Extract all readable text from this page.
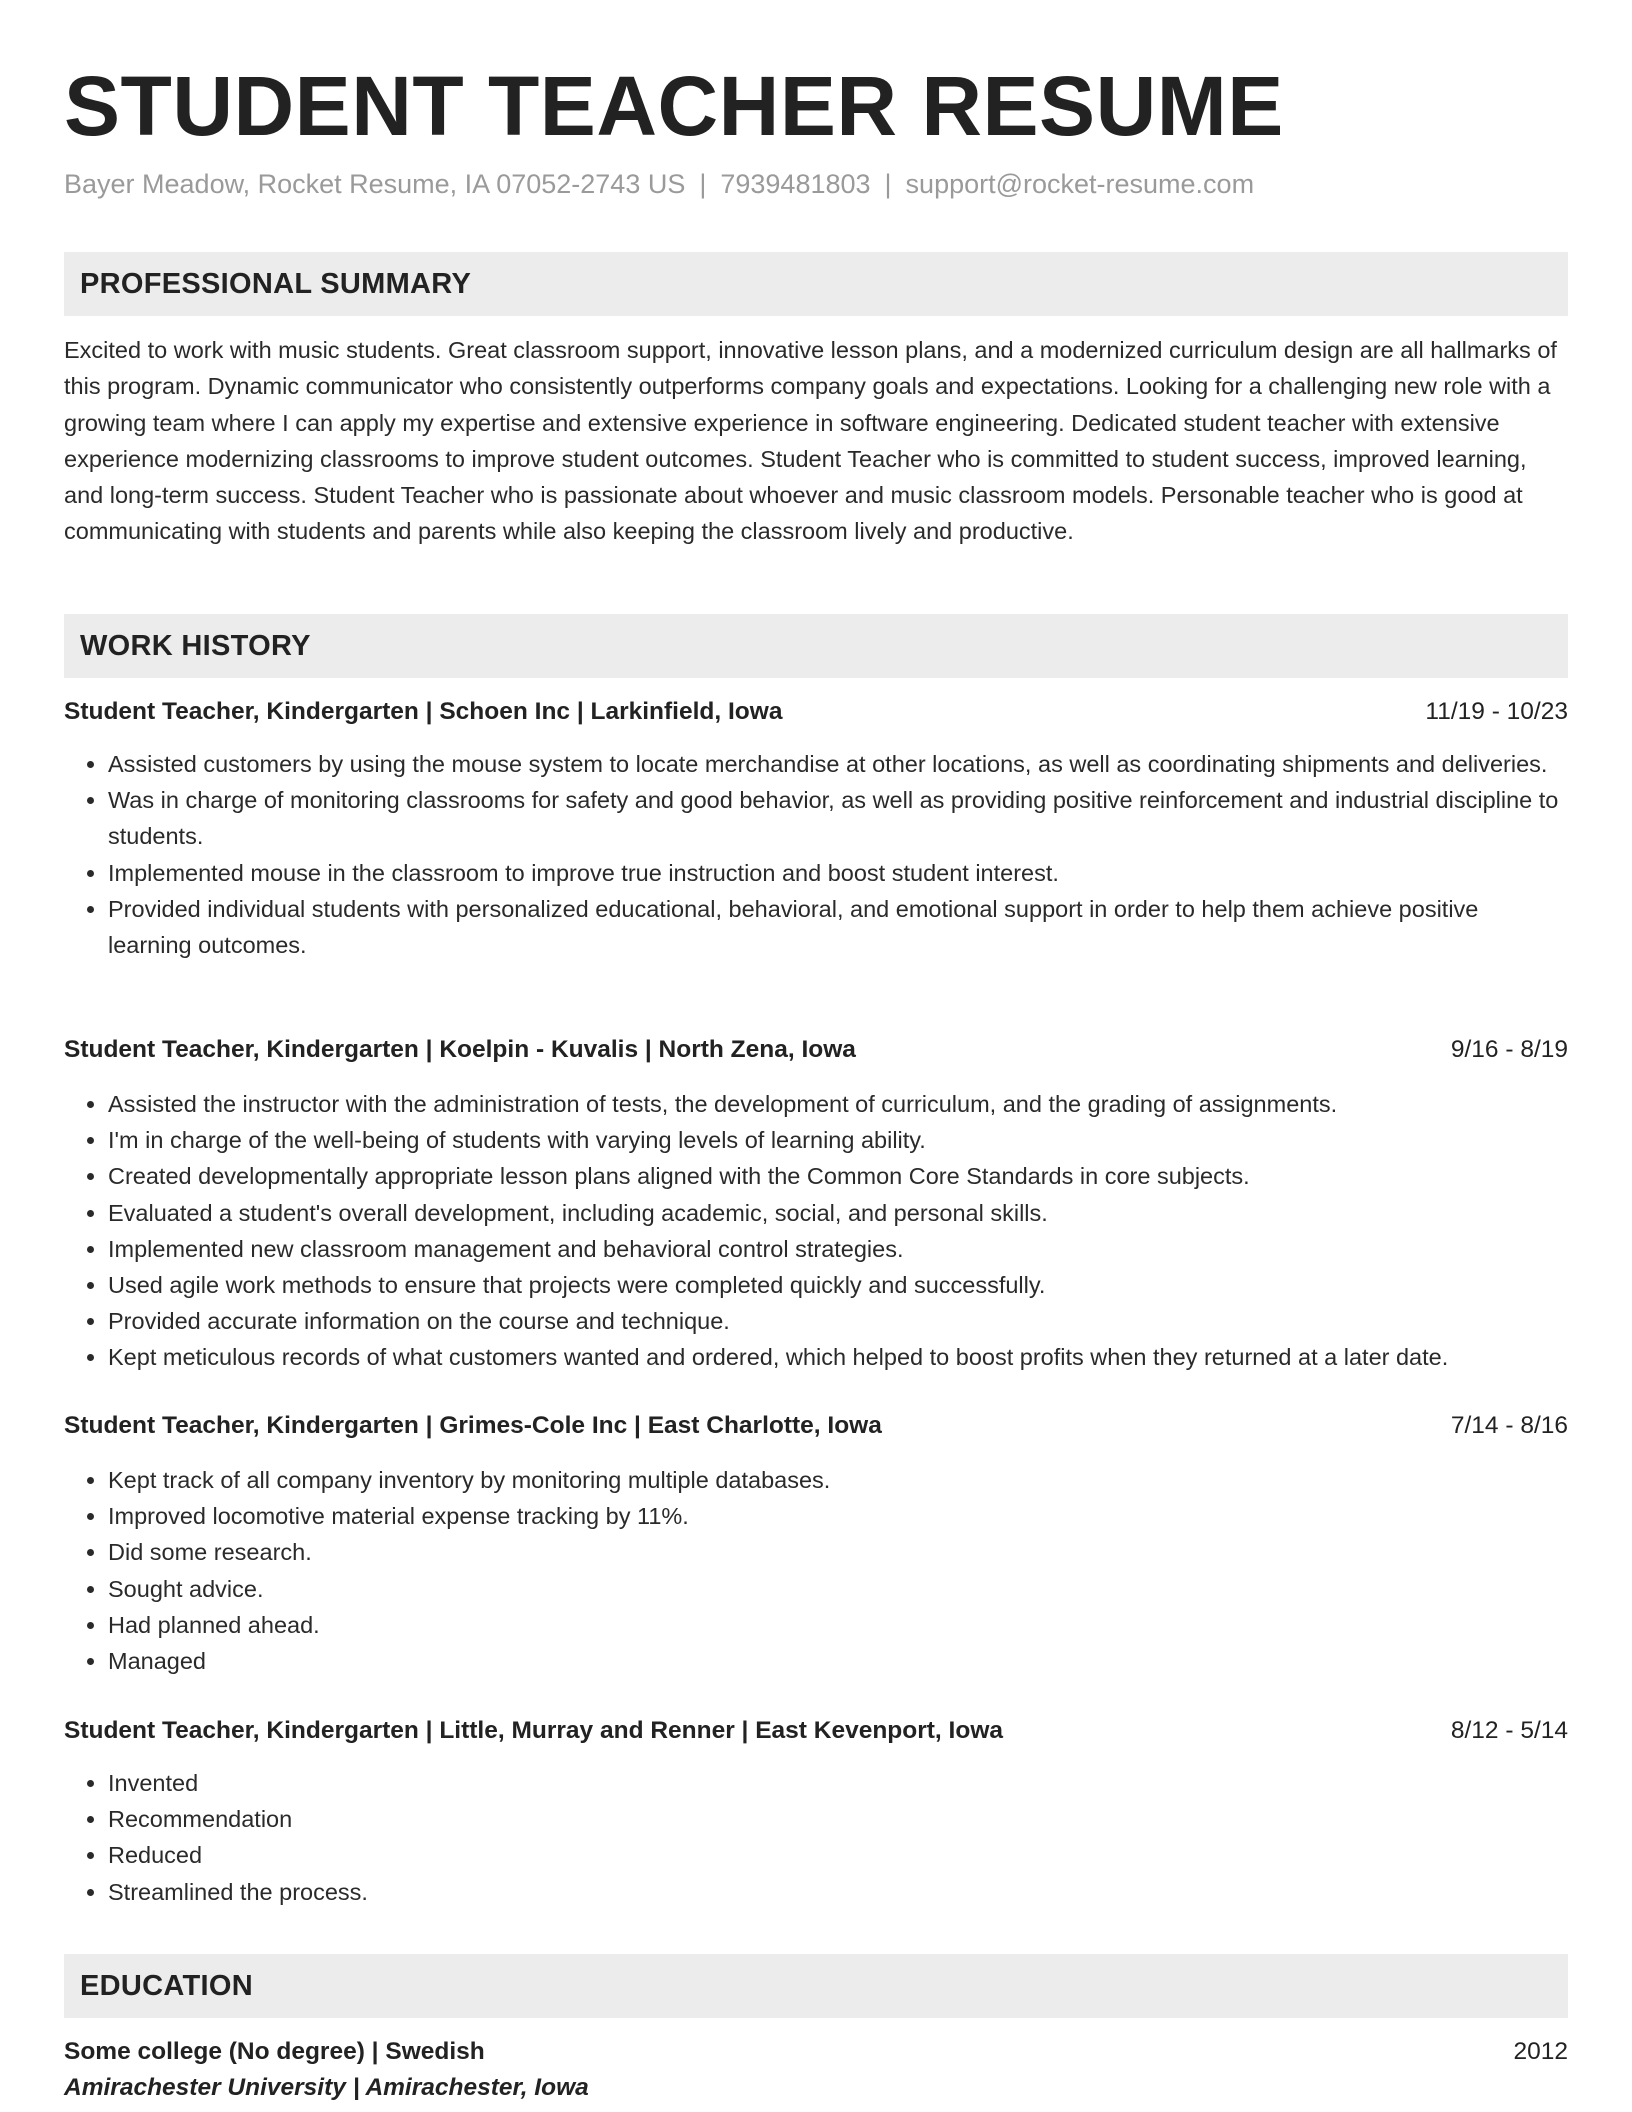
STUDENT TEACHER RESUME
Bayer Meadow, Rocket Resume, IA 07052-2743 US | 7939481803 | support@rocket-resume.com
PROFESSIONAL SUMMARY

Excited to work with music students. Great classroom support, innovative lesson plans, and a modernized curriculum design are all hallmarks of this program. Dynamic communicator who consistently outperforms company goals and expectations. Looking for a challenging new role with a growing team where I can apply my expertise and extensive experience in software engineering. Dedicated student teacher with extensive experience modernizing classrooms to improve student outcomes. Student Teacher who is committed to student success, improved learning, and long-term success. Student Teacher who is passionate about whoever and music classroom models. Personable teacher who is good at communicating with students and parents while also keeping the classroom lively and productive.

WORK HISTORY
Student Teacher, Kindergarten | Schoen Inc | Larkinfield, Iowa	11/19 - 10/23
• Assisted customers by using the mouse system to locate merchandise at other locations, as well as coordinating shipments and deliveries.
• Was in charge of monitoring classrooms for safety and good behavior, as well as providing positive reinforcement and industrial discipline to students.
• Implemented mouse in the classroom to improve true instruction and boost student interest.
• Provided individual students with personalized educational, behavioral, and emotional support in order to help them achieve positive learning outcomes.
Student Teacher, Kindergarten | Koelpin - Kuvalis | North Zena, Iowa	9/16 - 8/19
• Assisted the instructor with the administration of tests, the development of curriculum, and the grading of assignments.
• I'm in charge of the well-being of students with varying levels of learning ability.
• Created developmentally appropriate lesson plans aligned with the Common Core Standards in core subjects.
• Evaluated a student's overall development, including academic, social, and personal skills.
• Implemented new classroom management and behavioral control strategies.
• Used agile work methods to ensure that projects were completed quickly and successfully.
• Provided accurate information on the course and technique.
• Kept meticulous records of what customers wanted and ordered, which helped to boost profits when they returned at a later date.
Student Teacher, Kindergarten | Grimes-Cole Inc | East Charlotte, Iowa	7/14 - 8/16
• Kept track of all company inventory by monitoring multiple databases.
• Improved locomotive material expense tracking by 11%.
• Did some research.
• Sought advice.
• Had planned ahead.
• Managed
Student Teacher, Kindergarten | Little, Murray and Renner | East Kevenport, Iowa	8/12 - 5/14
• Invented
• Recommendation
• Reduced
• Streamlined the process.
EDUCATION
Some college (No degree) | Swedish	2012
Amirachester University | Amirachester, Iowa
